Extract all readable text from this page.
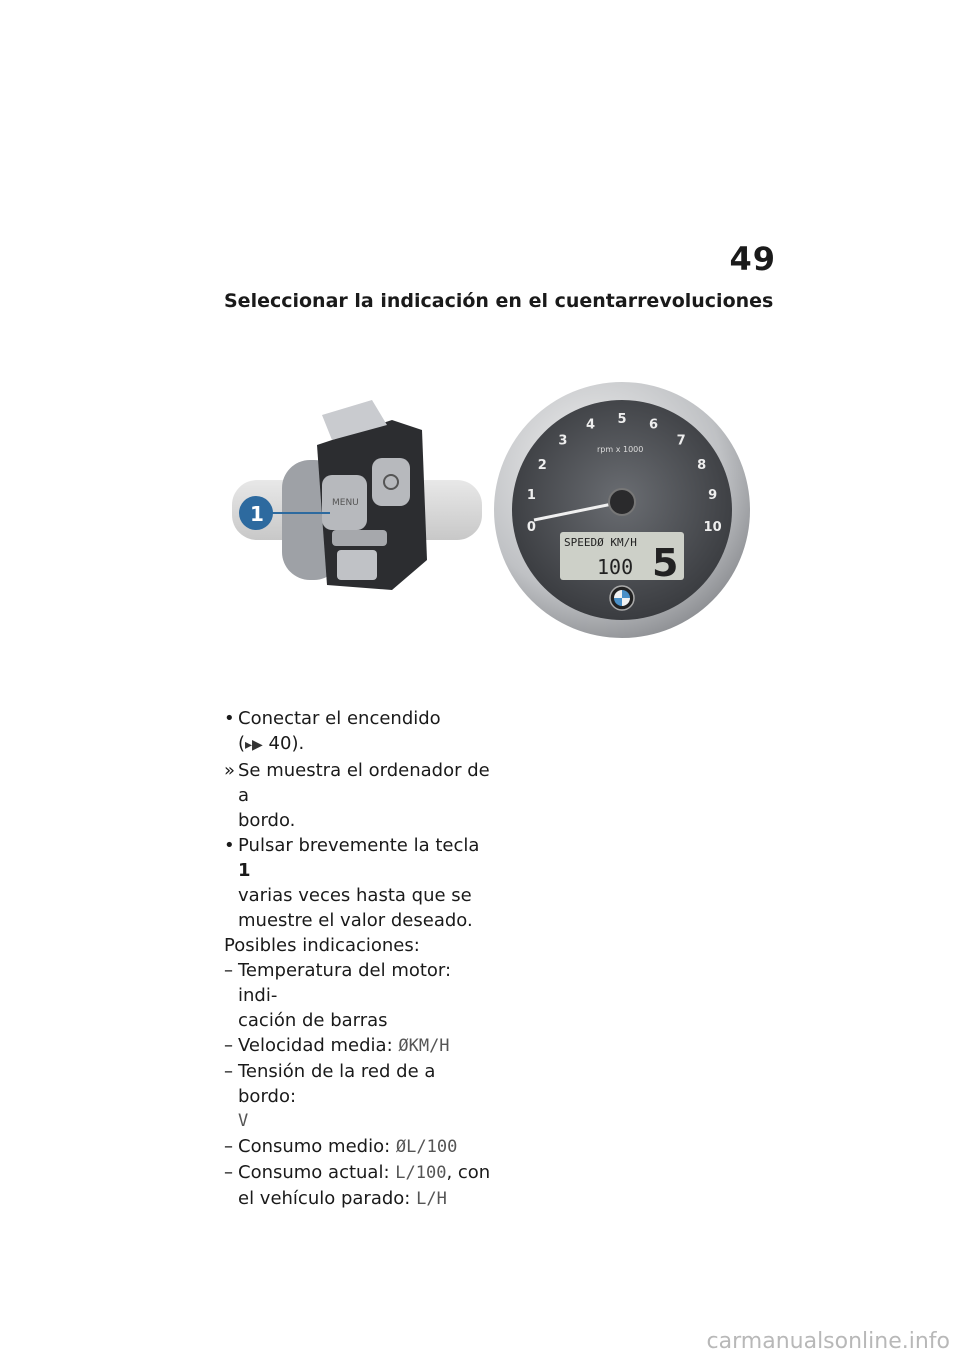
49
Seleccionar la indicación en el cuentarrevoluciones
MENU
1
0
1
2
3
4 5 6
7
8
9
10
rpm x 1000
SPEEDØ KM/H
100 5
• Conectar el encendido
(▸▶ 40).
» Se muestra el ordenador de a
bordo.
• Pulsar brevemente la tecla 1
varias veces hasta que se
muestre el valor deseado.
Posibles indicaciones:
– Temperatura del motor: indi-
cación de barras
– Velocidad media: ØKM/H
– Tensión de la red de a bordo:
V
– Consumo medio: ØL/100
– Consumo actual: L/100, con
el vehículo parado: L/H
carmanualsonline.info
